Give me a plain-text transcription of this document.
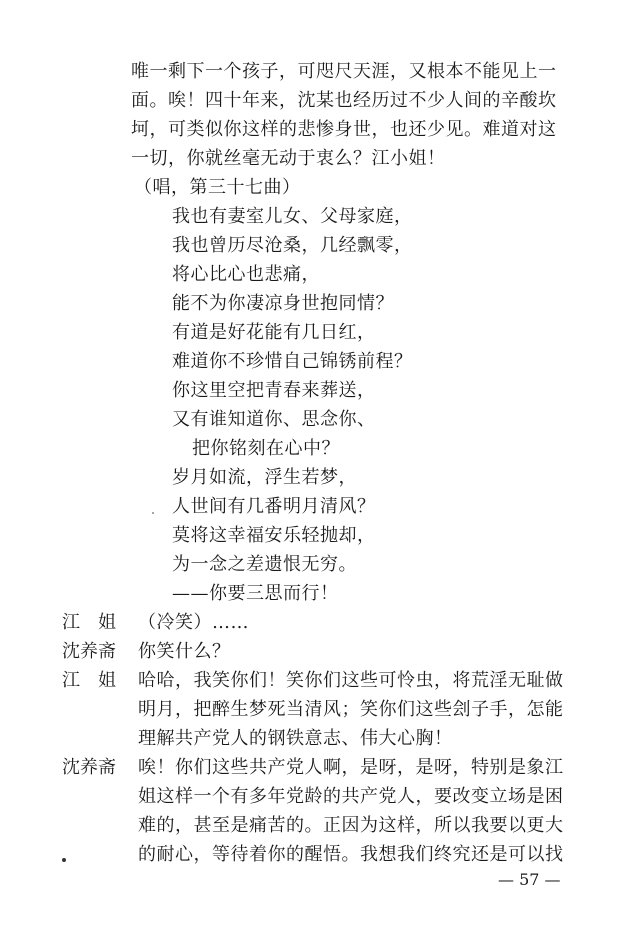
唯一剩下一个孩子，可咫尺天涯，又根本不能见上一
面。唉！四十年来，沈某也经历过不少人间的辛酸坎
坷，可类似你这样的悲惨身世，也还少见。难道对这
一切，你就丝毫无动于衷么？江小姐！
（唱，第三十七曲）
我也有妻室儿女、父母家庭，
我也曾历尽沧桑，几经飘零，
将心比心也悲痛，
能不为你凄凉身世抱同情？
有道是好花能有几日红，
难道你不珍惜自己锦锈前程？
你这里空把青春来葬送，
又有谁知道你、思念你、
把你铭刻在心中？
岁月如流，浮生若梦，
人世间有几番明月清风？
莫将这幸福安乐轻抛却，
为一念之差遗恨无穷。
——你要三思而行！
江　姐 （冷笑）……
沈养斋 你笑什么？
江　姐 哈哈，我笑你们！笑你们这些可怜虫，将荒淫无耻做
明月，把醉生梦死当清风；笑你们这些刽子手，怎能
理解共产党人的钢铁意志、伟大心胸！
沈养斋 唉！你们这些共产党人啊，是呀，是呀，特别是象江
姐这样一个有多年党龄的共产党人，要改变立场是困
难的，甚至是痛苦的。正因为这样，所以我要以更大
的耐心，等待着你的醒悟。我想我们终究还是可以找
— 57 —
